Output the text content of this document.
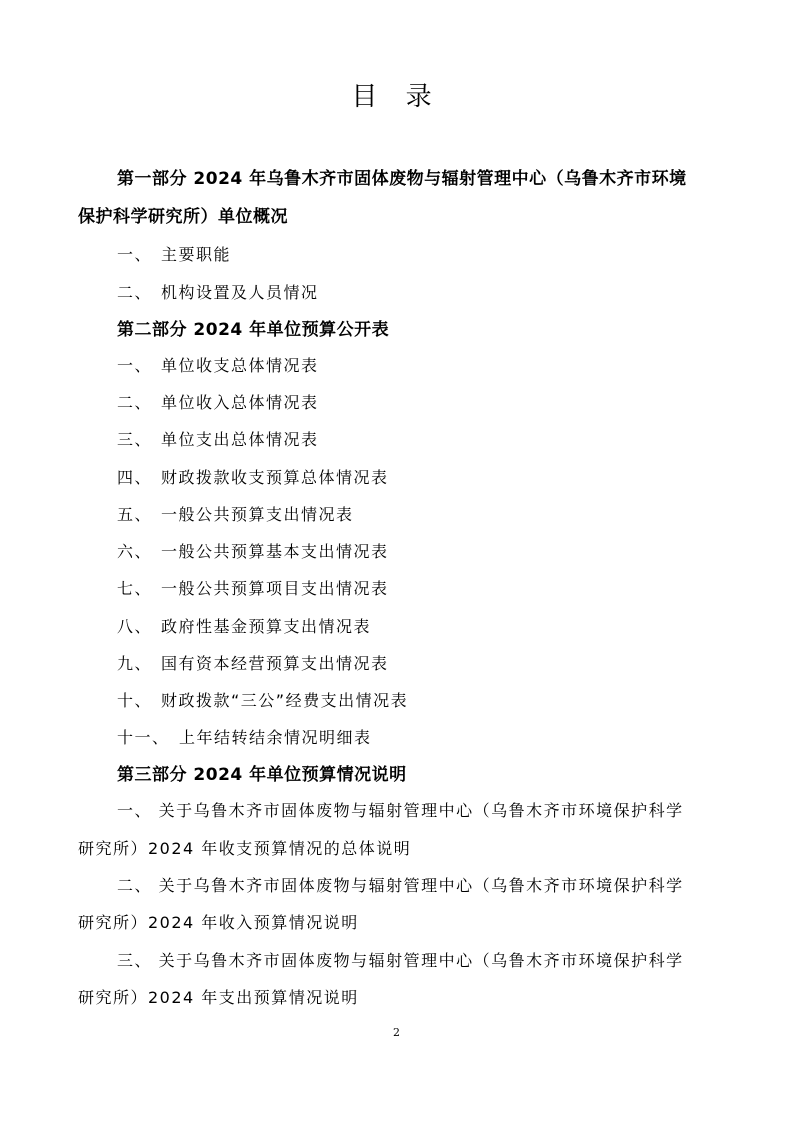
目 录

第一部分 2024 年乌鲁木齐市固体废物与辐射管理中心（乌鲁木齐市环境

保护科学研究所）单位概况

一、 主要职能

二、 机构设置及人员情况

第二部分 2024 年单位预算公开表

一、 单位收支总体情况表

二、 单位收入总体情况表

三、 单位支出总体情况表

四、 财政拨款收支预算总体情况表

五、 一般公共预算支出情况表

六、 一般公共预算基本支出情况表

七、 一般公共预算项目支出情况表

八、 政府性基金预算支出情况表

九、 国有资本经营预算支出情况表

十、 财政拨款“三公”经费支出情况表

十一、 上年结转结余情况明细表

第三部分 2024 年单位预算情况说明

一、 关于乌鲁木齐市固体废物与辐射管理中心（乌鲁木齐市环境保护科学

研究所）2024 年收支预算情况的总体说明

二、 关于乌鲁木齐市固体废物与辐射管理中心（乌鲁木齐市环境保护科学

研究所）2024 年收入预算情况说明

三、 关于乌鲁木齐市固体废物与辐射管理中心（乌鲁木齐市环境保护科学

研究所）2024 年支出预算情况说明

2
